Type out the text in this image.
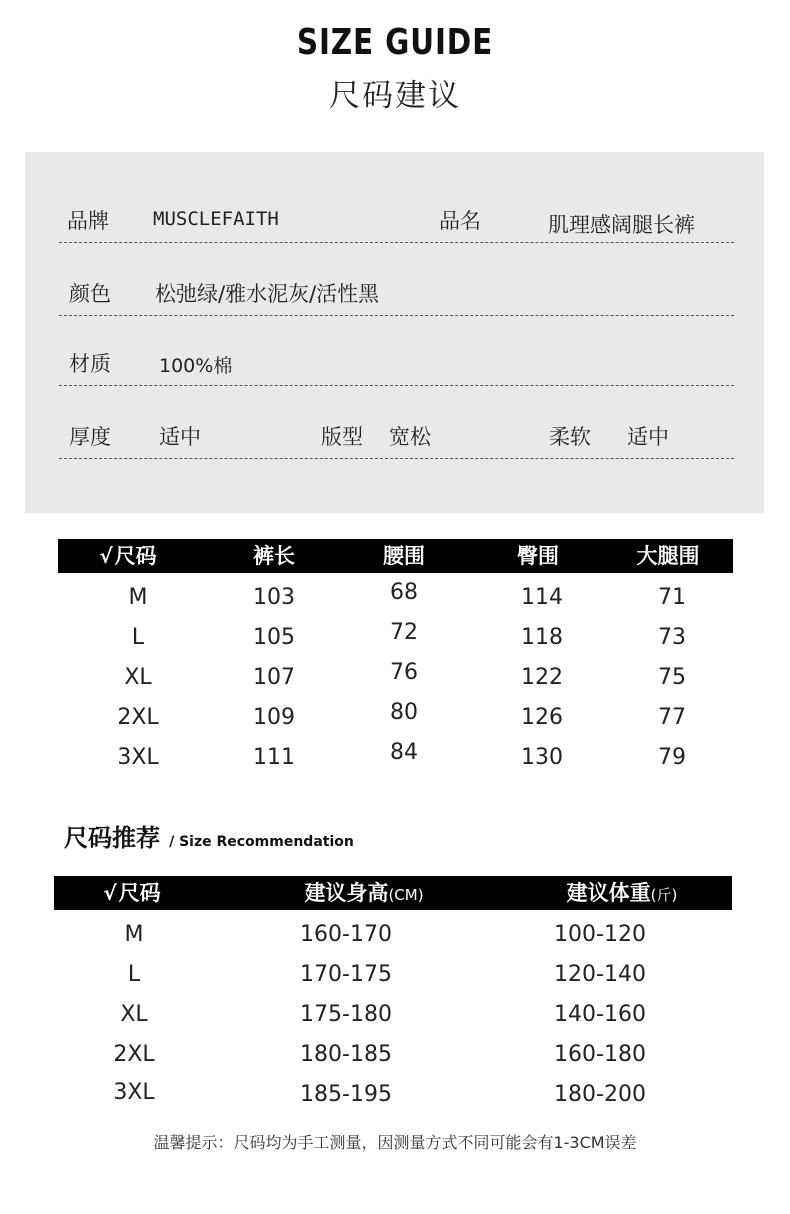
SIZE GUIDE
尺码建议
品牌 MUSCLEFAITH	品名	肌理感阔腿长裤
颜色 松弛绿/雅水泥灰/活性黑
材质	100%棉
厚度 适中	版型 宽松	柔软 适中
√尺码	裤长	腰围	臀围	大腿围
M	103	68	114	71
L	105	72	118	73
XL	107	76	122	75
2XL	109	80	126	77
3XL	111	84	130	79
尺码推荐 / Size Recommendation
√尺码	建议身高(CM)	建议体重(斤)
M	160-170	100-120
L	170-175	120-140
XL	175-180	140-160
2XL	180-185	160-180
3XL	185-195	180-200
温馨提示：尺码均为手工测量，因测量方式不同可能会有1-3CM误差
